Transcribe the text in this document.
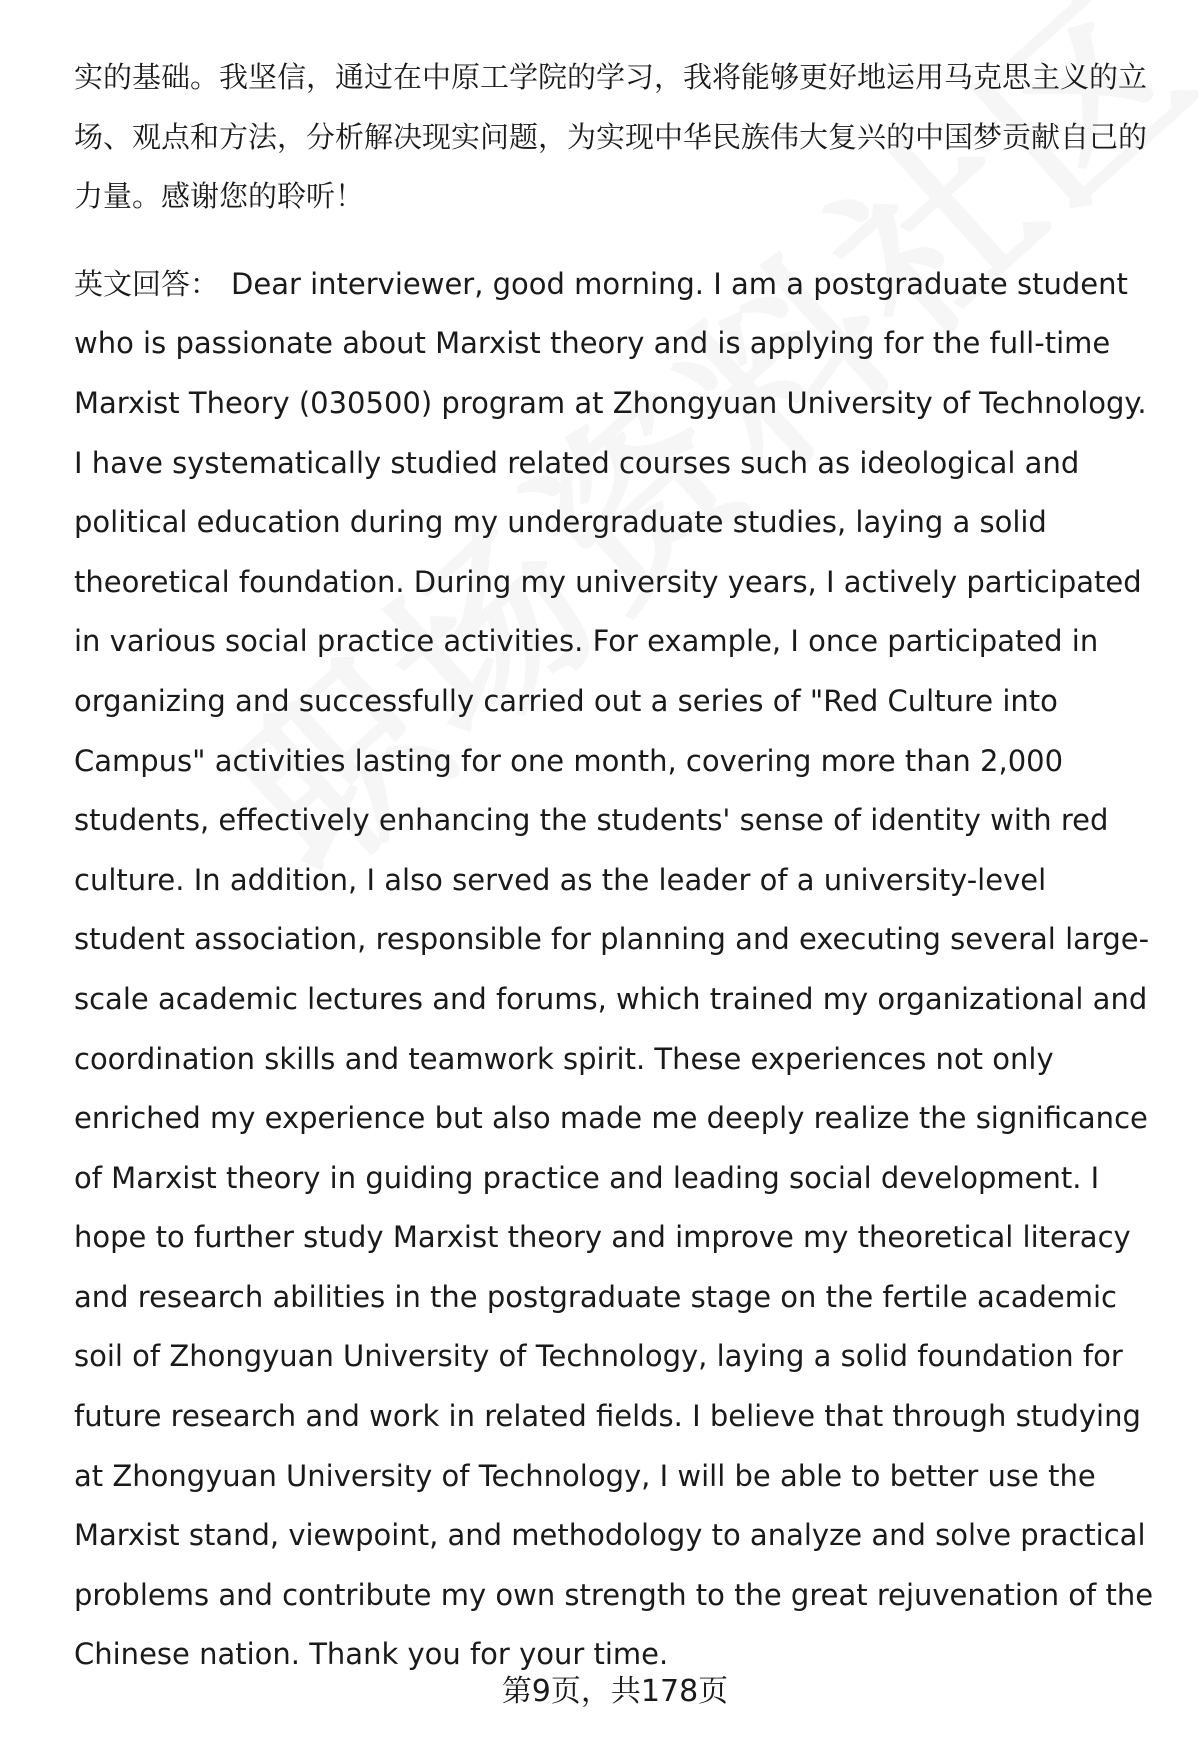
实的基础。我坚信，通过在中原工学院的学习，我将能够更好地运用马克思主义的立场、观点和方法，分析解决现实问题，为实现中华民族伟大复兴的中国梦贡献自己的力量。感谢您的聆听！

英文回答： Dear interviewer, good morning. I am a postgraduate student who is passionate about Marxist theory and is applying for the full-time Marxist Theory (030500) program at Zhongyuan University of Technology. I have systematically studied related courses such as ideological and political education during my undergraduate studies, laying a solid theoretical foundation. During my university years, I actively participated in various social practice activities. For example, I once participated in organizing and successfully carried out a series of "Red Culture into Campus" activities lasting for one month, covering more than 2,000 students, effectively enhancing the students' sense of identity with red culture. In addition, I also served as the leader of a university-level student association, responsible for planning and executing several large-scale academic lectures and forums, which trained my organizational and coordination skills and teamwork spirit. These experiences not only enriched my experience but also made me deeply realize the significance of Marxist theory in guiding practice and leading social development. I hope to further study Marxist theory and improve my theoretical literacy and research abilities in the postgraduate stage on the fertile academic soil of Zhongyuan University of Technology, laying a solid foundation for future research and work in related fields. I believe that through studying at Zhongyuan University of Technology, I will be able to better use the Marxist stand, viewpoint, and methodology to analyze and solve practical problems and contribute my own strength to the great rejuvenation of the Chinese nation. Thank you for your time.

第9页，共178页
